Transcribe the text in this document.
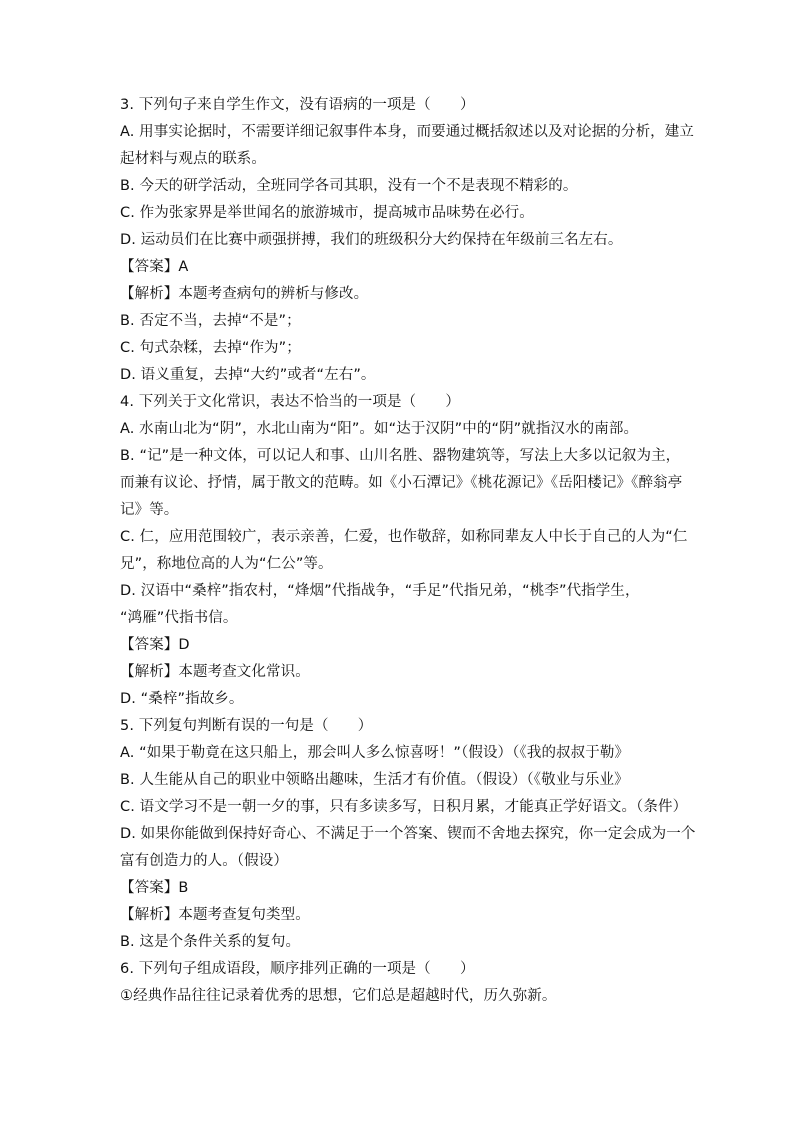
3. 下列句子来自学生作文，没有语病的一项是（　　）
A. 用事实论据时，不需要详细记叙事件本身，而要通过概括叙述以及对论据的分析，建立
起材料与观点的联系。
B. 今天的研学活动，全班同学各司其职，没有一个不是表现不精彩的。
C. 作为张家界是举世闻名的旅游城市，提高城市品味势在必行。
D. 运动员们在比赛中顽强拼搏，我们的班级积分大约保持在年级前三名左右。
【答案】A
【解析】本题考查病句的辨析与修改。
B. 否定不当，去掉“不是”；
C. 句式杂糅，去掉“作为”；
D. 语义重复，去掉“大约”或者“左右”。
4. 下列关于文化常识，表达不恰当的一项是（　　）
A. 水南山北为“阴”，水北山南为“阳”。如“达于汉阴”中的“阴”就指汉水的南部。
B. “记”是一种文体，可以记人和事、山川名胜、器物建筑等，写法上大多以记叙为主，
而兼有议论、抒情，属于散文的范畴。如《小石潭记》《桃花源记》《岳阳楼记》《醉翁亭
记》等。
C. 仁，应用范围较广，表示亲善，仁爱，也作敬辞，如称同辈友人中长于自己的人为“仁
兄”，称地位高的人为“仁公”等。
D. 汉语中“桑梓”指农村，“烽烟”代指战争，“手足”代指兄弟，“桃李”代指学生，
“鸿雁”代指书信。
【答案】D
【解析】本题考查文化常识。
D. “桑梓”指故乡。
5. 下列复句判断有误的一句是（　　）
A. “如果于勒竟在这只船上，那会叫人多么惊喜呀！”（假设）（《我的叔叔于勒》
B. 人生能从自己的职业中领略出趣味，生活才有价值。（假设）（《敬业与乐业》
C. 语文学习不是一朝一夕的事，只有多读多写，日积月累，才能真正学好语文。（条件）
D. 如果你能做到保持好奇心、不满足于一个答案、锲而不舍地去探究，你一定会成为一个
富有创造力的人。（假设）
【答案】B
【解析】本题考查复句类型。
B. 这是个条件关系的复句。
6. 下列句子组成语段，顺序排列正确的一项是（　　）
①经典作品往往记录着优秀的思想，它们总是超越时代，历久弥新。
